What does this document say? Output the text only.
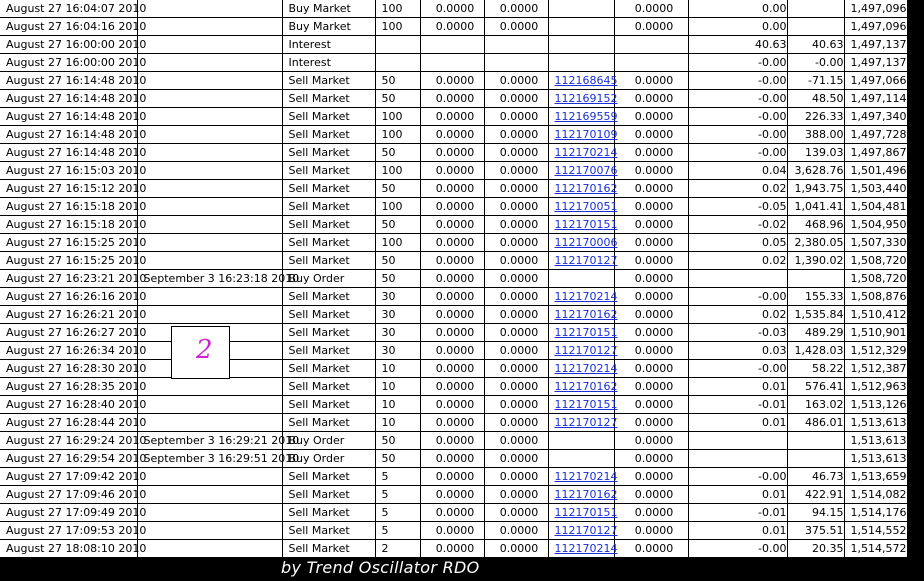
August 27 16:04:07 2010		Buy Market	100	0.0000	0.0000		0.0000	0.00		1,497,096.55
August 27 16:04:16 2010		Buy Market	100	0.0000	0.0000		0.0000	0.00		1,497,096.55
August 27 16:00:00 2010		Interest						40.63	40.63	1,497,137.18
August 27 16:00:00 2010		Interest						-0.00	-0.00	1,497,137.18
August 27 16:14:48 2010		Sell Market	50	0.0000	0.0000	112168645	0.0000	-0.00	-71.15	1,497,066.03
August 27 16:14:48 2010		Sell Market	50	0.0000	0.0000	112169152	0.0000	-0.00	48.50	1,497,114.53
August 27 16:14:48 2010		Sell Market	100	0.0000	0.0000	112169559	0.0000	-0.00	226.33	1,497,340.86
August 27 16:14:48 2010		Sell Market	100	0.0000	0.0000	112170109	0.0000	-0.00	388.00	1,497,728.85
August 27 16:14:48 2010		Sell Market	50	0.0000	0.0000	112170214	0.0000	-0.00	139.03	1,497,867.88
August 27 16:15:03 2010		Sell Market	100	0.0000	0.0000	112170076	0.0000	0.04	3,628.76	1,501,496.64
August 27 16:15:12 2010		Sell Market	50	0.0000	0.0000	112170162	0.0000	0.02	1,943.75	1,503,440.39
August 27 16:15:18 2010		Sell Market	100	0.0000	0.0000	112170051	0.0000	-0.05	1,041.41	1,504,481.81
August 27 16:15:18 2010		Sell Market	50	0.0000	0.0000	112170151	0.0000	-0.02	468.96	1,504,950.77
August 27 16:15:25 2010		Sell Market	100	0.0000	0.0000	112170006	0.0000	0.05	2,380.05	1,507,330.81
August 27 16:15:25 2010		Sell Market	50	0.0000	0.0000	112170127	0.0000	0.02	1,390.02	1,508,720.84
August 27 16:23:21 2010	September 3 16:23:18 2010	Buy Order	50	0.0000	0.0000		0.0000			1,508,720.84
August 27 16:26:16 2010		Sell Market	30	0.0000	0.0000	112170214	0.0000	-0.00	155.33	1,508,876.17
August 27 16:26:21 2010		Sell Market	30	0.0000	0.0000	112170162	0.0000	0.02	1,535.84	1,510,412.01
August 27 16:26:27 2010		Sell Market	30	0.0000	0.0000	112170151	0.0000	-0.03	489.29	1,510,901.31
August 27 16:26:34 2010		Sell Market	30	0.0000	0.0000	112170127	0.0000	0.03	1,428.03	1,512,329.33
August 27 16:28:30 2010		Sell Market	10	0.0000	0.0000	112170214	0.0000	-0.00	58.22	1,512,387.56
August 27 16:28:35 2010		Sell Market	10	0.0000	0.0000	112170162	0.0000	0.01	576.41	1,512,963.96
August 27 16:28:40 2010		Sell Market	10	0.0000	0.0000	112170151	0.0000	-0.01	163.02	1,513,126.99
August 27 16:28:44 2010		Sell Market	10	0.0000	0.0000	112170127	0.0000	0.01	486.01	1,513,613.00
August 27 16:29:24 2010	September 3 16:29:21 2010	Buy Order	50	0.0000	0.0000		0.0000			1,513,613.00
August 27 16:29:54 2010	September 3 16:29:51 2010	Buy Order	50	0.0000	0.0000		0.0000			1,513,613.00
August 27 17:09:42 2010		Sell Market	5	0.0000	0.0000	112170214	0.0000	-0.00	46.73	1,513,659.73
August 27 17:09:46 2010		Sell Market	5	0.0000	0.0000	112170162	0.0000	0.01	422.91	1,514,082.64
August 27 17:09:49 2010		Sell Market	5	0.0000	0.0000	112170151	0.0000	-0.01	94.15	1,514,176.79
August 27 17:09:53 2010		Sell Market	5	0.0000	0.0000	112170127	0.0000	0.01	375.51	1,514,552.30
August 27 18:08:10 2010		Sell Market	2	0.0000	0.0000	112170214	0.0000	-0.00	20.35	1,514,572.65
2
by Trend Oscillator RDO
